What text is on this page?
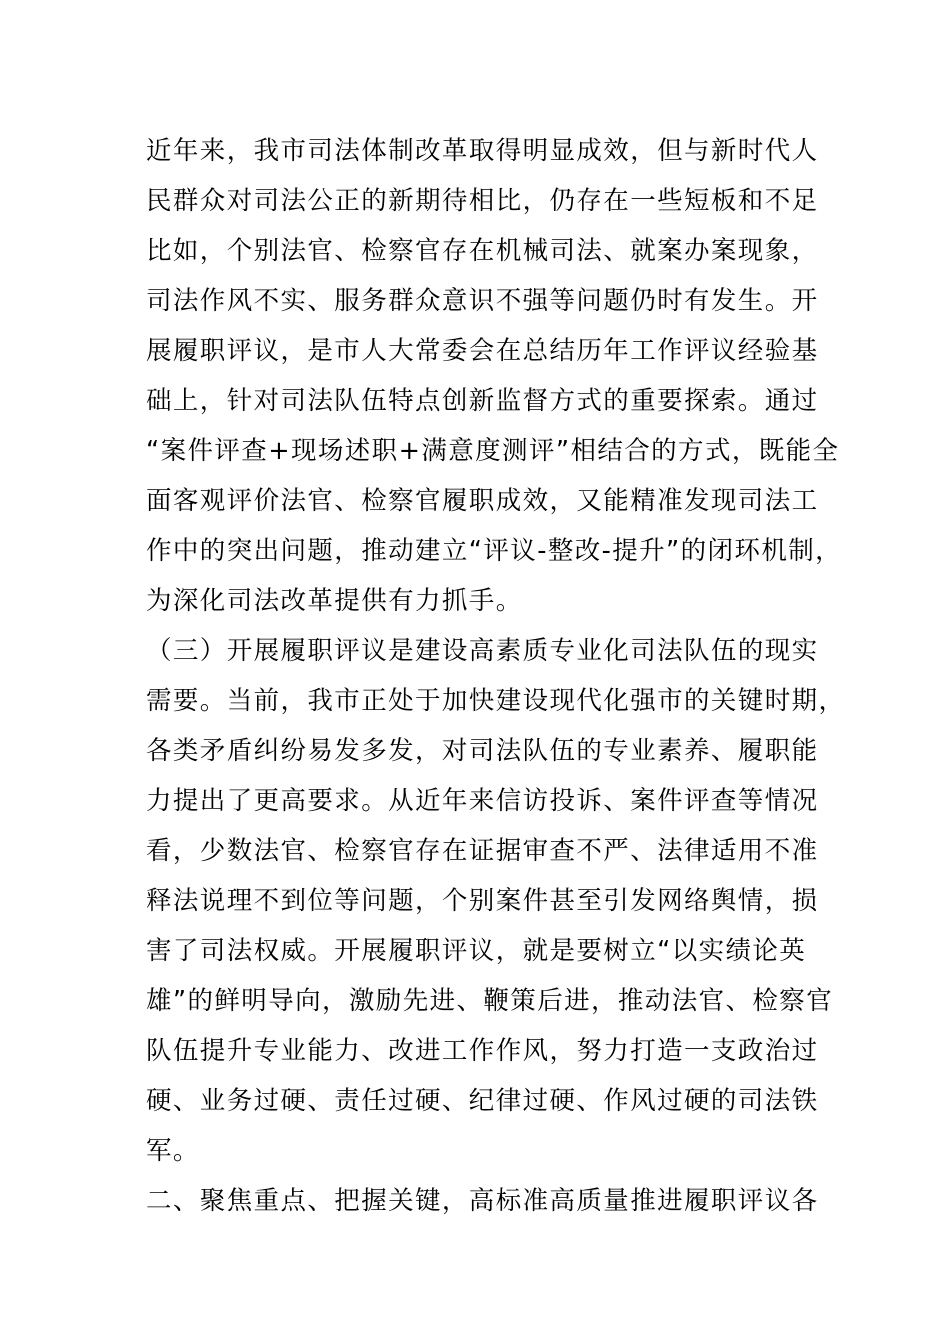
近年来，我市司法体制改革取得明显成效，但与新时代人
民群众对司法公正的新期待相比，仍存在一些短板和不足
比如，个别法官、检察官存在机械司法、就案办案现象，
司法作风不实、服务群众意识不强等问题仍时有发生。开
展履职评议，是市人大常委会在总结历年工作评议经验基
础上，针对司法队伍特点创新监督方式的重要探索。通过
“案件评查+现场述职+满意度测评”相结合的方式，既能全
面客观评价法官、检察官履职成效，又能精准发现司法工
作中的突出问题，推动建立“评议-整改-提升”的闭环机制，
为深化司法改革提供有力抓手。
（三）开展履职评议是建设高素质专业化司法队伍的现实
需要。当前，我市正处于加快建设现代化强市的关键时期，
各类矛盾纠纷易发多发，对司法队伍的专业素养、履职能
力提出了更高要求。从近年来信访投诉、案件评查等情况
看，少数法官、检察官存在证据审查不严、法律适用不准
释法说理不到位等问题，个别案件甚至引发网络舆情，损
害了司法权威。开展履职评议，就是要树立“以实绩论英
雄”的鲜明导向，激励先进、鞭策后进，推动法官、检察官
队伍提升专业能力、改进工作作风，努力打造一支政治过
硬、业务过硬、责任过硬、纪律过硬、作风过硬的司法铁
军。
二、聚焦重点、把握关键，高标准高质量推进履职评议各
